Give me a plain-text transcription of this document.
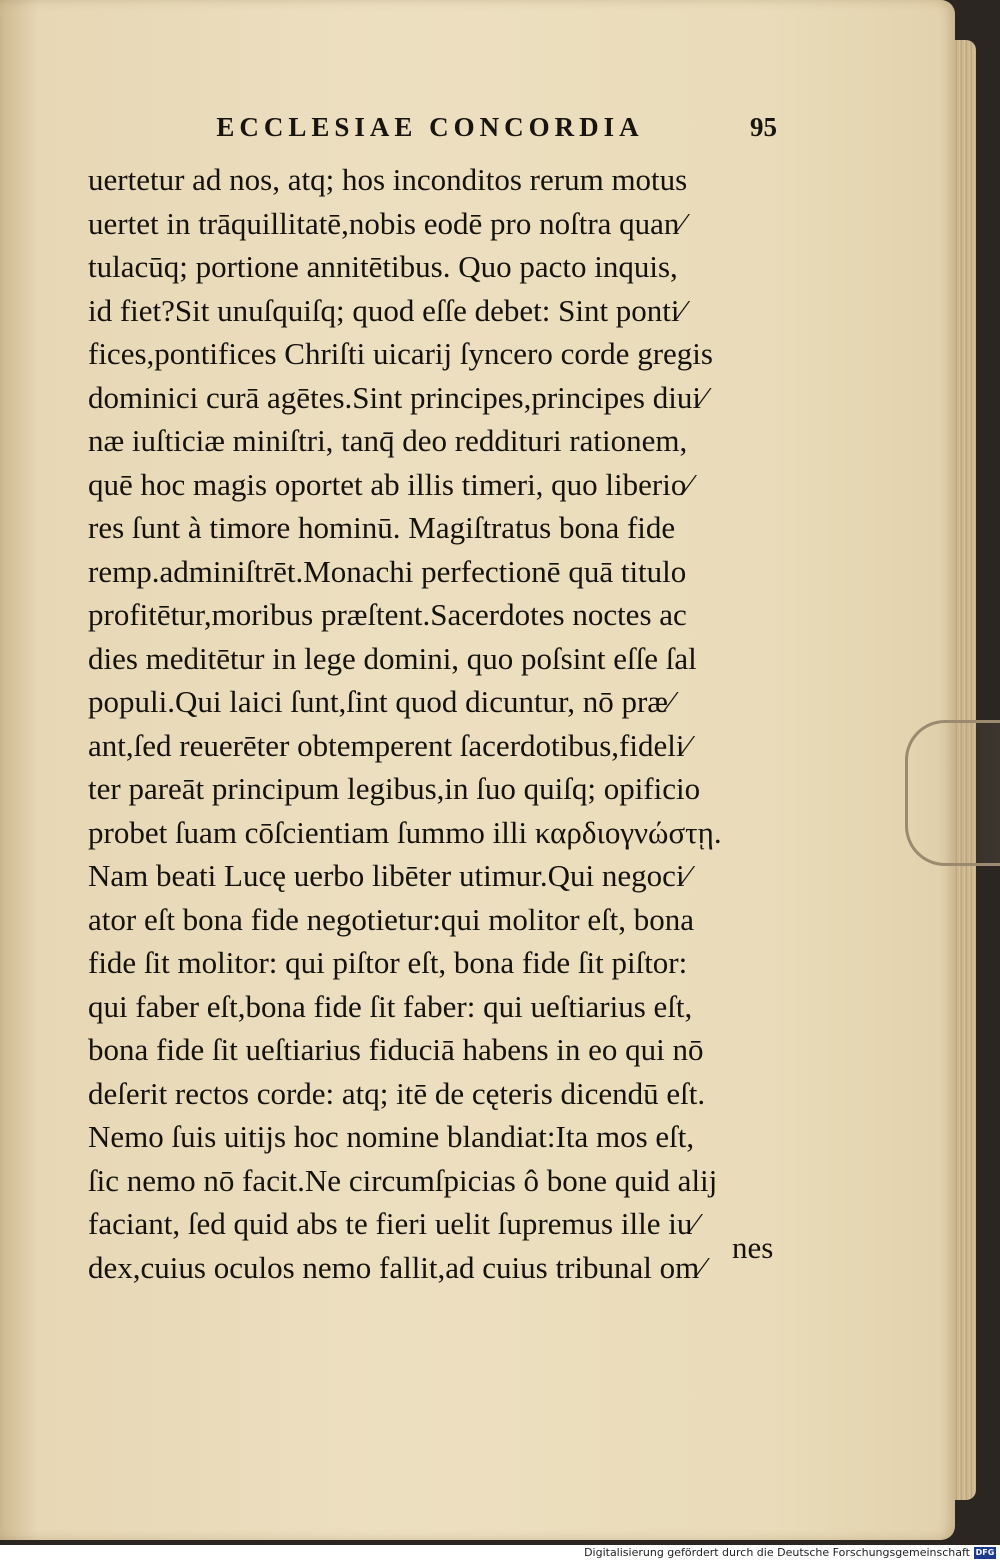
ECCLESIAE CONCORDIA	95
uertetur ad nos, atq; hos inconditos rerum motus
uertet in trāquillitatē,nobis eodē pro noſtra quan⁄
tulacūq; portione annitētibus. Quo pacto inquis,
id fiet?Sit unuſquiſq; quod eſſe debet: Sint ponti⁄
fices,pontifices Chriſti uicarij ſyncero corde gregis
dominici curā agētes.Sint principes,principes diui⁄
næ iuſticiæ miniſtri, tanq̄ deo reddituri rationem,
quē hoc magis oportet ab illis timeri, quo liberio⁄
res ſunt à timore hominū. Magiſtratus bona fide
remp.adminiſtrēt.Monachi perfectionē quā titulo
profitētur,moribus præſtent.Sacerdotes noctes ac
dies meditētur in lege domini, quo poſsint eſſe ſal
populi.Qui laici ſunt,ſint quod dicuntur, nō præ⁄
ant,ſed reuerēter obtemperent ſacerdotibus,fideli⁄
ter pareāt principum legibus,in ſuo quiſq; opificio
probet ſuam cōſcientiam ſummo illi καρδιογνώστῃ.
Nam beati Lucę uerbo libēter utimur.Qui negoci⁄
ator eſt bona fide negotietur:qui molitor eſt, bona
fide ſit molitor: qui piſtor eſt, bona fide ſit piſtor:
qui faber eſt,bona fide ſit faber: qui ueſtiarius eſt,
bona fide ſit ueſtiarius fiduciā habens in eo qui nō
deſerit rectos corde: atq; itē de cęteris dicendū eſt.
Nemo ſuis uitijs hoc nomine blandiat:Ita mos eſt,
ſic nemo nō facit.Ne circumſpicias ô bone quid alij
faciant, ſed quid abs te fieri uelit ſupremus ille iu⁄
dex,cuius oculos nemo fallit,ad cuius tribunal om⁄
nes
Digitalisierung gefördert durch die Deutsche Forschungsgemeinschaft DFG
